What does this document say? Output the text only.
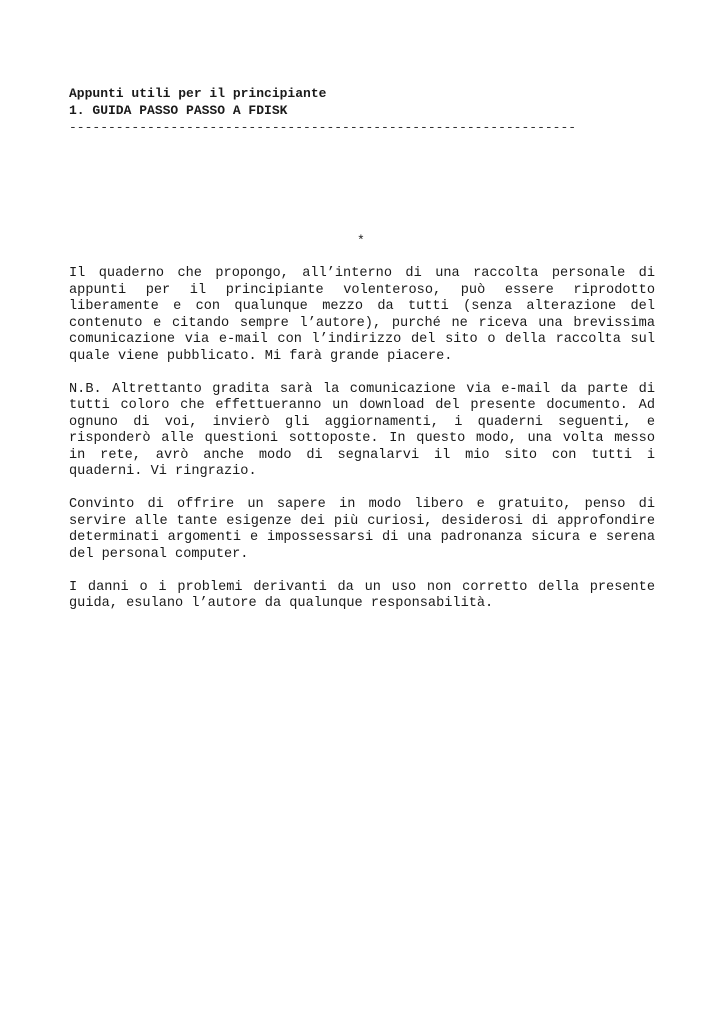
Appunti utili per il principiante
1. GUIDA PASSO PASSO A FDISK
-----------------------------------------------------------------
*

Il quaderno che propongo, all’interno di una raccolta personale di appunti per il principiante volenteroso, può essere riprodotto liberamente e con qualunque mezzo da tutti (senza alterazione del contenuto e citando sempre l’autore), purché ne riceva una brevissima comunicazione via e-mail con l’indirizzo del sito o della raccolta sul quale viene pubblicato. Mi farà grande piacere.

N.B. Altrettanto gradita sarà la comunicazione via e-mail da parte di tutti coloro che effettueranno un download del presente documento. Ad ognuno di voi, invierò gli aggiornamenti, i quaderni seguenti, e risponderò alle questioni sottoposte. In questo modo, una volta messo in rete, avrò anche modo di segnalarvi il mio sito con tutti i quaderni. Vi ringrazio.

Convinto di offrire un sapere in modo libero e gratuito, penso di servire alle tante esigenze dei più curiosi, desiderosi di approfondire determinati argomenti e impossessarsi di una padronanza sicura e serena del personal computer.

I danni o i problemi derivanti da un uso non corretto della presente guida, esulano l’autore da qualunque responsabilità.
